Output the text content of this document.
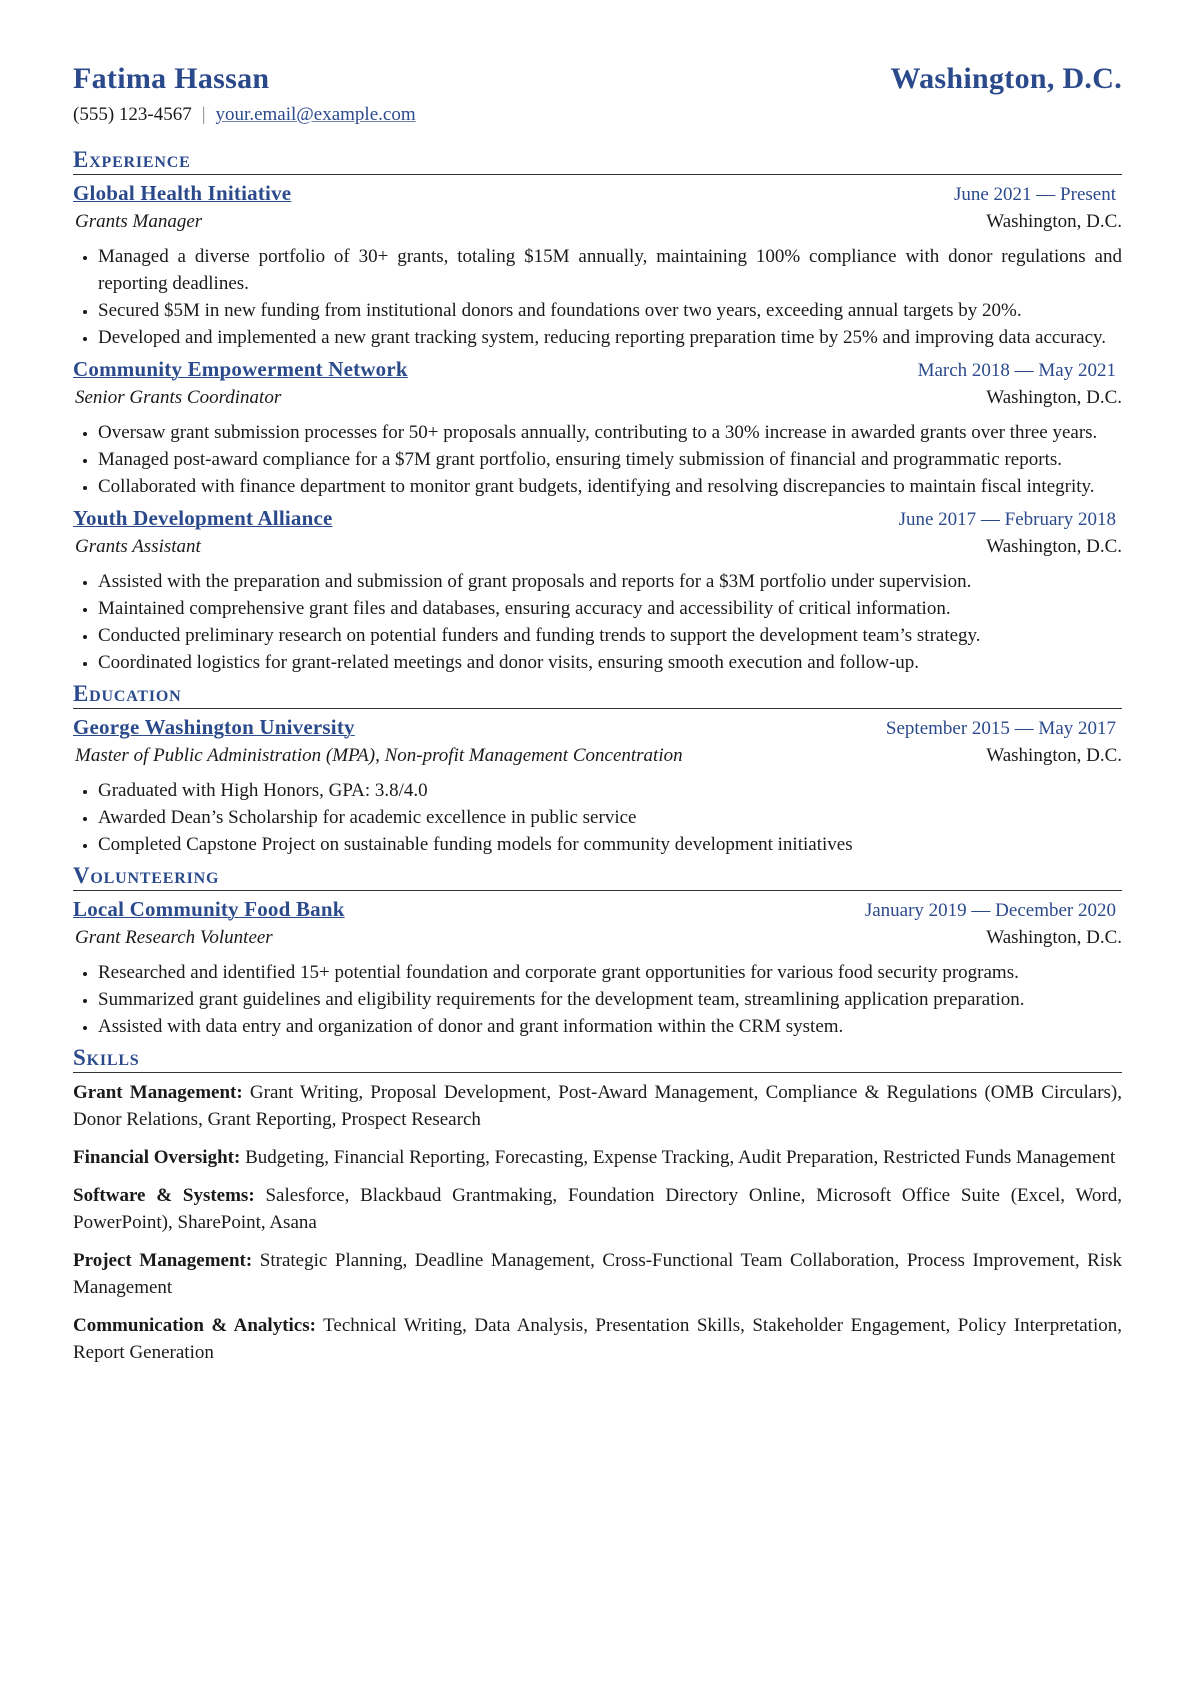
Fatima Hassan	Washington, D.C.
(555) 123-4567 | your.email@example.com
Experience
Global Health Initiative	June 2021 — Present
Grants Manager	Washington, D.C.
• Managed a diverse portfolio of 30+ grants, totaling $15M annually, maintaining 100% compliance with donor regulations and reporting deadlines.
• Secured $5M in new funding from institutional donors and foundations over two years, exceeding annual targets by 20%.
• Developed and implemented a new grant tracking system, reducing reporting preparation time by 25% and improving data accuracy.
Community Empowerment Network	March 2018 — May 2021
Senior Grants Coordinator	Washington, D.C.
• Oversaw grant submission processes for 50+ proposals annually, contributing to a 30% increase in awarded grants over three years.
• Managed post-award compliance for a $7M grant portfolio, ensuring timely submission of financial and programmatic reports.
• Collaborated with finance department to monitor grant budgets, identifying and resolving discrepancies to maintain fiscal integrity.
Youth Development Alliance	June 2017 — February 2018
Grants Assistant	Washington, D.C.
• Assisted with the preparation and submission of grant proposals and reports for a $3M portfolio under supervision.
• Maintained comprehensive grant files and databases, ensuring accuracy and accessibility of critical information.
• Conducted preliminary research on potential funders and funding trends to support the development team’s strategy.
• Coordinated logistics for grant-related meetings and donor visits, ensuring smooth execution and follow-up.
Education
George Washington University	September 2015 — May 2017
Master of Public Administration (MPA), Non-profit Management Concentration	Washington, D.C.
• Graduated with High Honors, GPA: 3.8/4.0
• Awarded Dean’s Scholarship for academic excellence in public service
• Completed Capstone Project on sustainable funding models for community development initiatives
Volunteering
Local Community Food Bank	January 2019 — December 2020
Grant Research Volunteer	Washington, D.C.
• Researched and identified 15+ potential foundation and corporate grant opportunities for various food security programs.
• Summarized grant guidelines and eligibility requirements for the development team, streamlining application preparation.
• Assisted with data entry and organization of donor and grant information within the CRM system.
Skills
Grant Management: Grant Writing, Proposal Development, Post-Award Management, Compliance & Regulations (OMB Circulars), Donor Relations, Grant Reporting, Prospect Research
Financial Oversight: Budgeting, Financial Reporting, Forecasting, Expense Tracking, Audit Preparation, Restricted Funds Management
Software & Systems: Salesforce, Blackbaud Grantmaking, Foundation Directory Online, Microsoft Office Suite (Excel, Word, PowerPoint), SharePoint, Asana
Project Management: Strategic Planning, Deadline Management, Cross-Functional Team Collaboration, Process Improvement, Risk Management
Communication & Analytics: Technical Writing, Data Analysis, Presentation Skills, Stakeholder Engagement, Policy Interpretation, Report Generation
